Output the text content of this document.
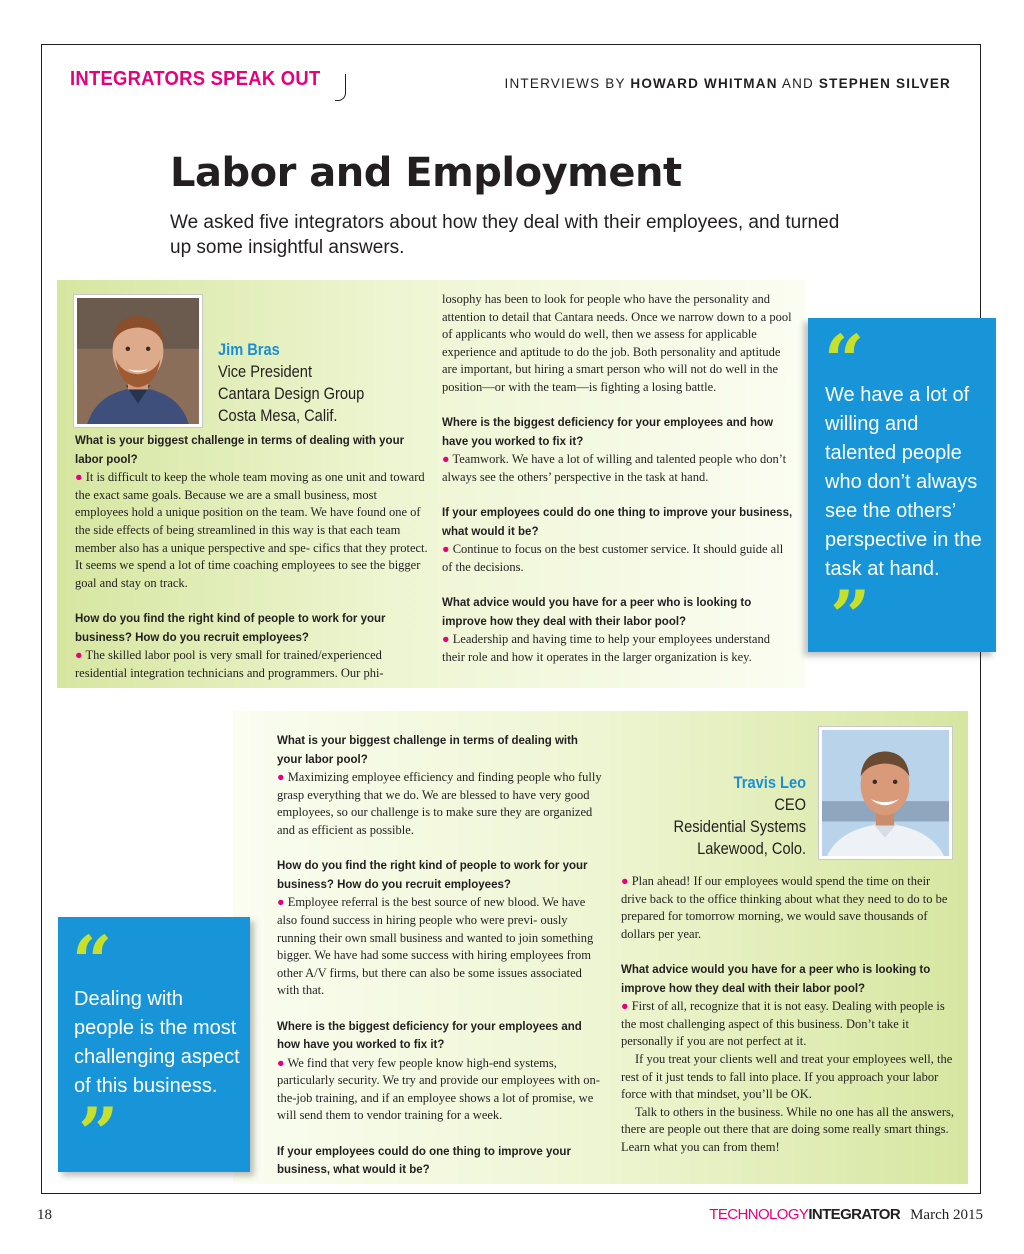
INTEGRATORS SPEAK OUT	INTERVIEWS BY HOWARD WHITMAN AND STEPHEN SILVER
Labor and Employment
We asked five integrators about how they deal with their employees, and turned up some insightful answers.
Jim Bras
Vice President
Cantara Design Group
Costa Mesa, Calif.

What is your biggest challenge in terms of dealing with your labor pool?
● It is difficult to keep the whole team moving as one unit and toward the exact same goals. Because we are a small business, most employees hold a unique position on the team. We have found one of the side effects of being streamlined in this way is that each team member also has a unique perspective and spe- cifics that they protect. It seems we spend a lot of time coaching employees to see the bigger goal and stay on track.

How do you find the right kind of people to work for your business? How do you recruit employees?
● The skilled labor pool is very small for trained/experienced residential integration technicians and programmers. Our phi-

losophy has been to look for people who have the personality and attention to detail that Cantara needs. Once we narrow down to a pool of applicants who would do well, then we assess for applicable experience and aptitude to do the job. Both personality and aptitude are important, but hiring a smart person who will not do well in the position—or with the team—is fighting a losing battle.

Where is the biggest deficiency for your employees and how have you worked to fix it?
● Teamwork. We have a lot of willing and talented people who don’t always see the others’ perspective in the task at hand.

If your employees could do one thing to improve your business, what would it be?
● Continue to focus on the best customer service. It should guide all of the decisions.

What advice would you have for a peer who is looking to improve how they deal with their labor pool?
● Leadership and having time to help your employees understand their role and how it operates in the larger organization is key.

“
We have a lot of willing and talented people who don’t always see the others’ perspective in the task at hand.
”
Travis Leo
CEO
Residential Systems
Lakewood, Colo.

What is your biggest challenge in terms of dealing with your labor pool?
● Maximizing employee efficiency and finding people who fully grasp everything that we do. We are blessed to have very good employees, so our challenge is to make sure they are organized and as efficient as possible.

How do you find the right kind of people to work for your business? How do you recruit employees?
● Employee referral is the best source of new blood. We have also found success in hiring people who were previ- ously running their own small business and wanted to join something bigger. We have had some success with hiring employees from other A/V firms, but there can also be some issues associated with that.

Where is the biggest deficiency for your employees and how have you worked to fix it?
● We find that very few people know high-end systems, particularly security. We try and provide our employees with on-the-job training, and if an employee shows a lot of promise, we will send them to vendor training for a week.

If your employees could do one thing to improve your business, what would it be?

● Plan ahead! If our employees would spend the time on their drive back to the office thinking about what they need to do to be prepared for tomorrow morning, we would save thousands of dollars per year.

What advice would you have for a peer who is looking to improve how they deal with their labor pool?
● First of all, recognize that it is not easy. Dealing with people is the most challenging aspect of this business. Don’t take it personally if you are not perfect at it.

If you treat your clients well and treat your employees well, the rest of it just tends to fall into place. If you approach your labor force with that mindset, you’ll be OK.
Talk to others in the business. While no one has all the answers, there are people out there that are doing some really smart things. Learn what you can from them!
“
Dealing with people is the most challenging aspect of this business.
”
18	TECHNOLOGYINTEGRATOR March 2015
